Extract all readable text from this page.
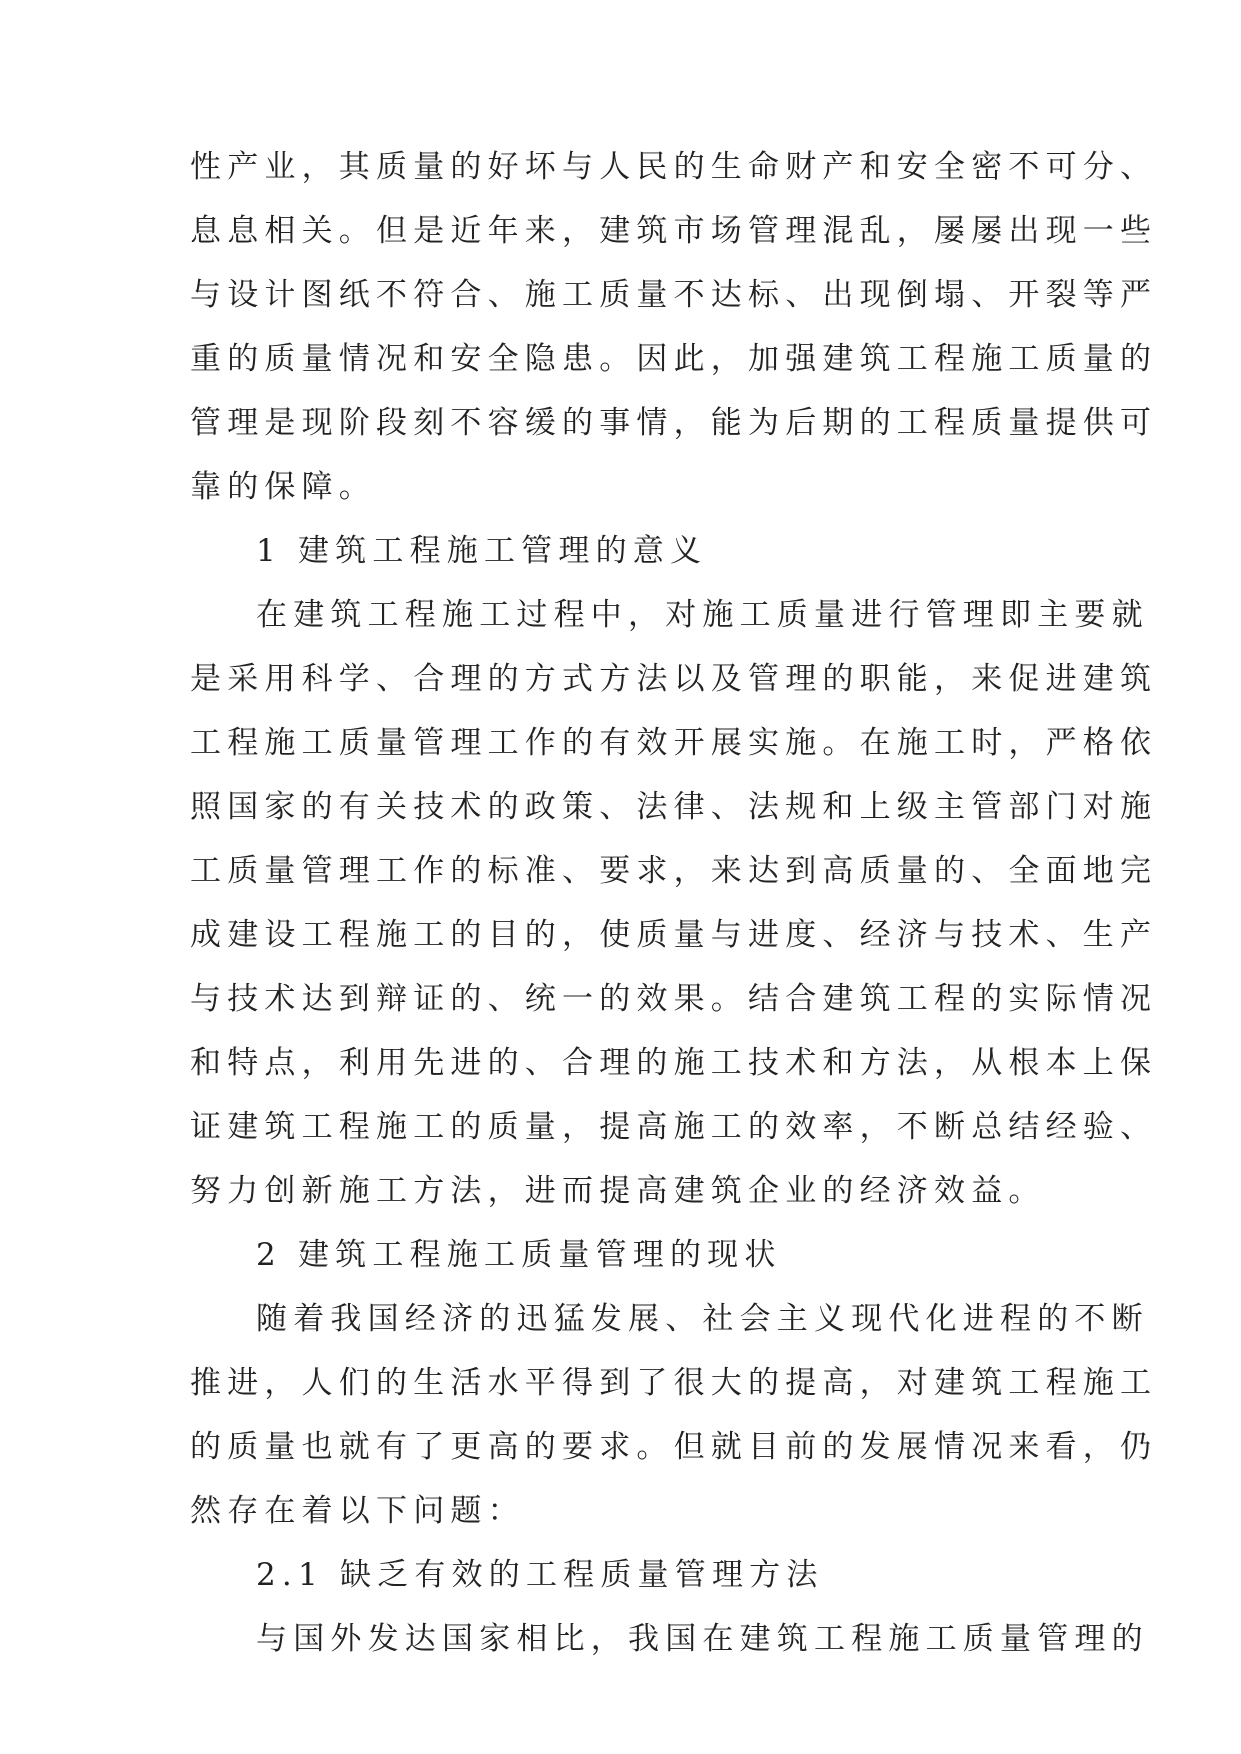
性产业，其质量的好坏与人民的生命财产和安全密不可分、
息息相关。但是近年来，建筑市场管理混乱，屡屡出现一些
与设计图纸不符合、施工质量不达标、出现倒塌、开裂等严
重的质量情况和安全隐患。因此，加强建筑工程施工质量的
管理是现阶段刻不容缓的事情，能为后期的工程质量提供可
靠的保障。
1 建筑工程施工管理的意义
在建筑工程施工过程中，对施工质量进行管理即主要就
是采用科学、合理的方式方法以及管理的职能，来促进建筑
工程施工质量管理工作的有效开展实施。在施工时，严格依
照国家的有关技术的政策、法律、法规和上级主管部门对施
工质量管理工作的标准、要求，来达到高质量的、全面地完
成建设工程施工的目的，使质量与进度、经济与技术、生产
与技术达到辩证的、统一的效果。结合建筑工程的实际情况
和特点，利用先进的、合理的施工技术和方法，从根本上保
证建筑工程施工的质量，提高施工的效率，不断总结经验、
努力创新施工方法，进而提高建筑企业的经济效益。
2 建筑工程施工质量管理的现状
随着我国经济的迅猛发展、社会主义现代化进程的不断
推进，人们的生活水平得到了很大的提高，对建筑工程施工
的质量也就有了更高的要求。但就目前的发展情况来看，仍
然存在着以下问题：
2.1 缺乏有效的工程质量管理方法
与国外发达国家相比，我国在建筑工程施工质量管理的
